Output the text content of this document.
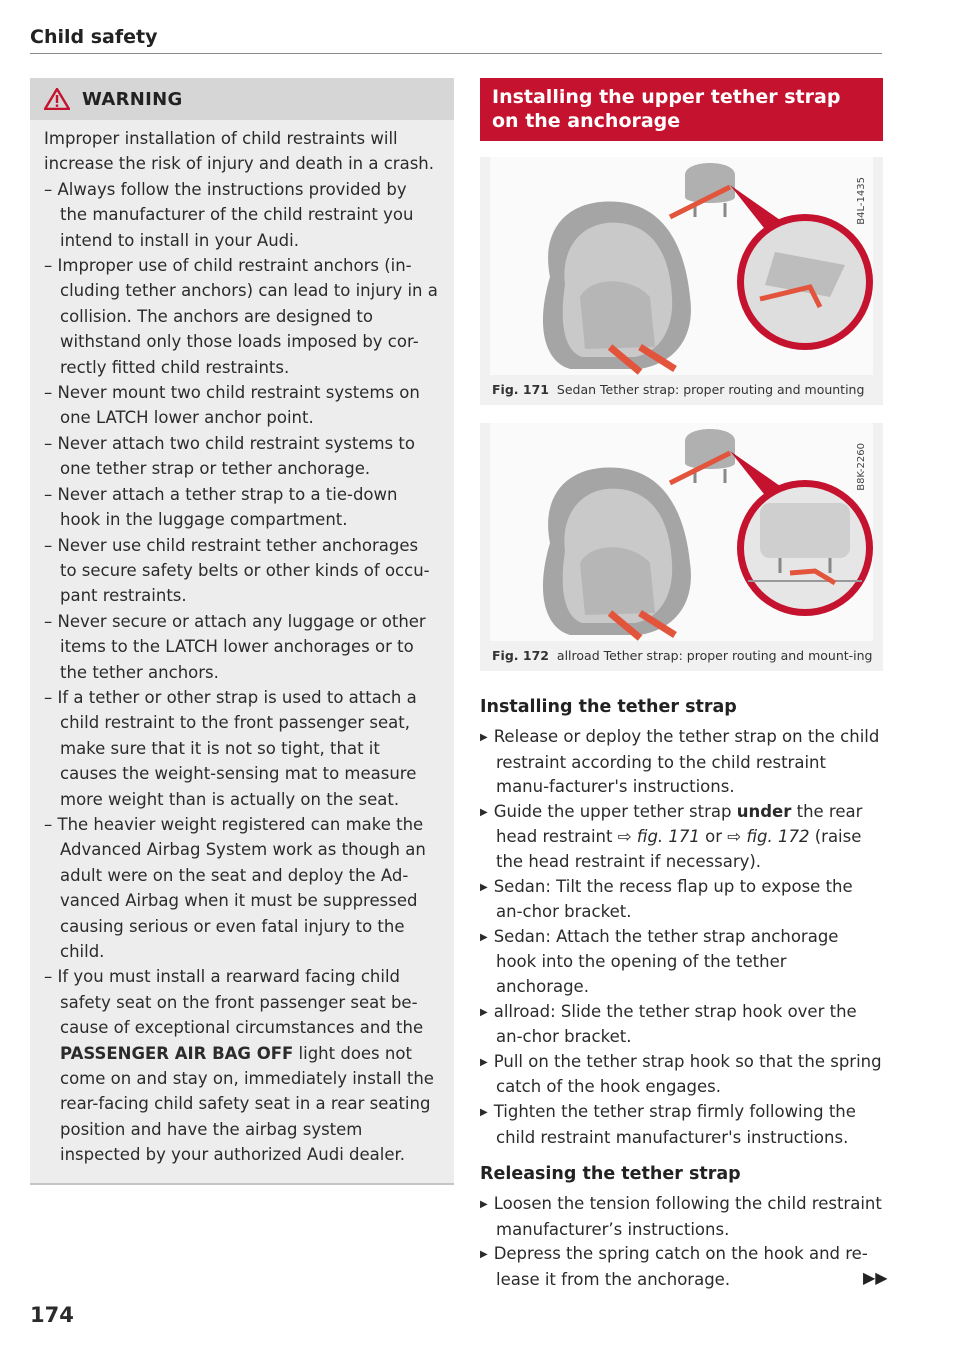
Child safety
WARNING

Improper installation of child restraints will increase the risk of injury and death in a crash.

– Always follow the instructions provided by the manufacturer of the child restraint you intend to install in your Audi.

– Improper use of child restraint anchors (in-cluding tether anchors) can lead to injury in a collision. The anchors are designed to withstand only those loads imposed by cor-rectly fitted child restraints.

– Never mount two child restraint systems on one LATCH lower anchor point.

– Never attach two child restraint systems to one tether strap or tether anchorage.

– Never attach a tether strap to a tie-down hook in the luggage compartment.

– Never use child restraint tether anchorages to secure safety belts or other kinds of occu-pant restraints.

– Never secure or attach any luggage or other items to the LATCH lower anchorages or to the tether anchors.

– If a tether or other strap is used to attach a child restraint to the front passenger seat, make sure that it is not so tight, that it causes the weight-sensing mat to measure more weight than is actually on the seat.

– The heavier weight registered can make the Advanced Airbag System work as though an adult were on the seat and deploy the Ad-vanced Airbag when it must be suppressed causing serious or even fatal injury to the child.

– If you must install a rearward facing child safety seat on the front passenger seat be-cause of exceptional circumstances and the PASSENGER AIR BAG OFF light does not come on and stay on, immediately install the rear-facing child safety seat in a rear seating position and have the airbag system inspected by your authorized Audi dealer.

174
Installing the upper tether strap on the anchorage
B4L-1435
Fig. 171 Sedan Tether strap: proper routing and mounting
B8K-2260
Fig. 172 allroad Tether strap: proper routing and mount-ing
Installing the tether strap

▶ Release or deploy the tether strap on the child restraint according to the child restraint manu-facturer's instructions.

▶ Guide the upper tether strap under the rear head restraint ⇨ fig. 171 or ⇨ fig. 172 (raise the head restraint if necessary).

▶ Sedan: Tilt the recess flap up to expose the an-chor bracket.

▶ Sedan: Attach the tether strap anchorage hook into the opening of the tether anchorage.

▶ allroad: Slide the tether strap hook over the an-chor bracket.

▶ Pull on the tether strap hook so that the spring catch of the hook engages.

▶ Tighten the tether strap firmly following the child restraint manufacturer's instructions.

Releasing the tether strap

▶ Loosen the tension following the child restraint manufacturer’s instructions.

▶ Depress the spring catch on the hook and re-lease it from the anchorage.	▶▶
